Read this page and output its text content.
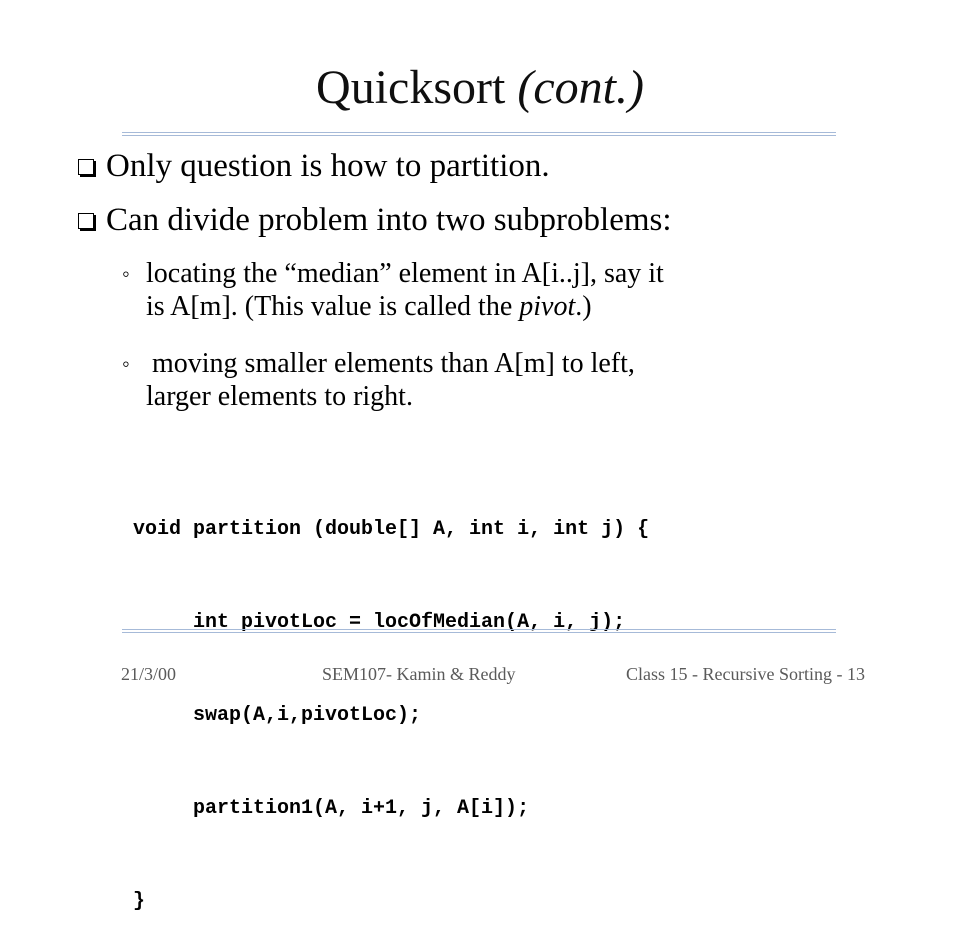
Quicksort (cont.)
Only question is how to partition.
Can divide problem into two subproblems:
◦ locating the “median” element in A[i..j], say it
is A[m]. (This value is called the pivot.)
◦ moving smaller elements than A[m] to left,
larger elements to right.

void partition (double[] A, int i, int j) {

int pivotLoc = locOfMedian(A, i, j);

swap(A,i,pivotLoc);

partition1(A, i+1, j, A[i]);

}

21/3/00	SEM107- Kamin & Reddy	Class 15 - Recursive Sorting - 13
